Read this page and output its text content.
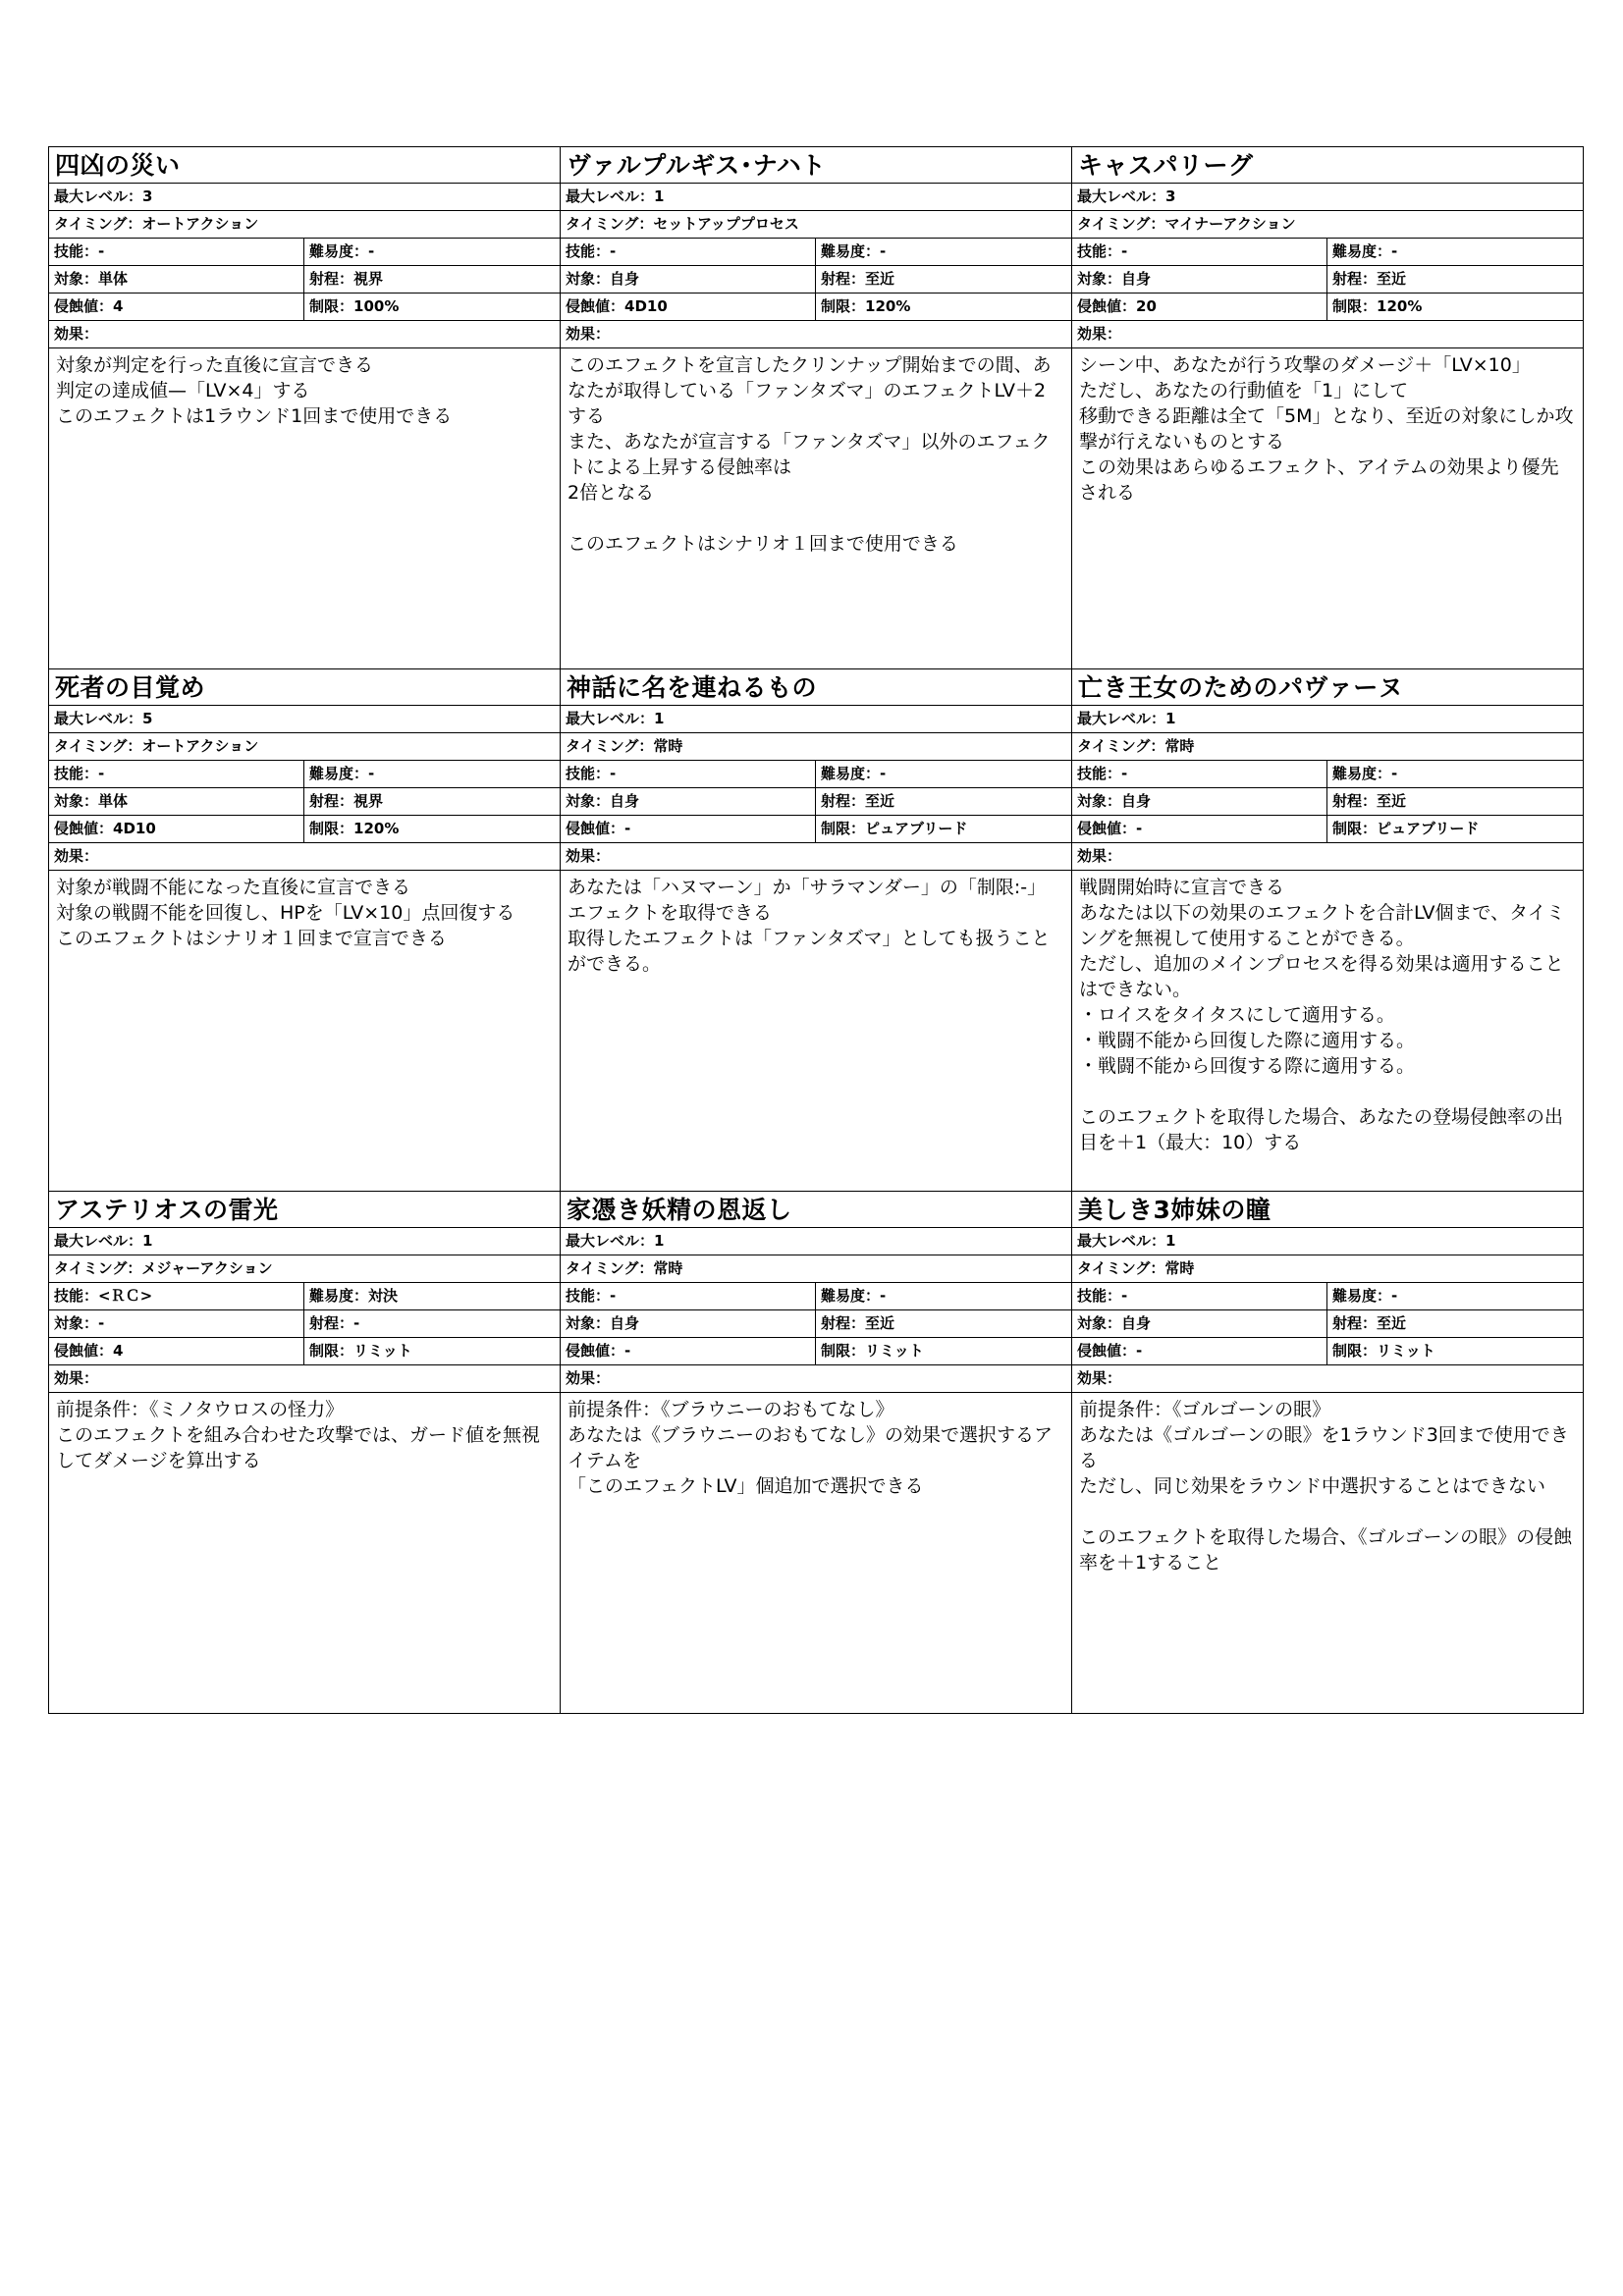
四凶の災い
最大レベル：3
タイミング：オートアクション
技能：-	難易度：-
対象：単体	射程：視界
侵蝕値：4	制限：100%
効果：
対象が判定を行った直後に宣言できる
判定の達成値—「LV×4」する
このエフェクトは1ラウンド1回まで使用できる
ヴァルプルギス･ナハト
最大レベル：1
タイミング：セットアッププロセス
技能：-	難易度：-
対象：自身	射程：至近
侵蝕値：4D10	制限：120%
効果：
このエフェクトを宣言したクリンナップ開始までの間、あなたが取得している「ファンタズマ」のエフェクトLV＋2する
また、あなたが宣言する「ファンタズマ」以外のエフェクトによる上昇する侵蝕率は
2倍となる

このエフェクトはシナリオ１回まで使用できる
キャスパリーグ
最大レベル：3
タイミング：マイナーアクション
技能：-	難易度：-
対象：自身	射程：至近
侵蝕値：20	制限：120%
効果：
シーン中、あなたが行う攻撃のダメージ＋「LV×10」
ただし、あなたの行動値を「1」にして
移動できる距離は全て「5M」となり、至近の対象にしか攻撃が行えないものとする
この効果はあらゆるエフェクト、アイテムの効果より優先される
死者の目覚め
最大レベル：5
タイミング：オートアクション
技能：-	難易度：-
対象：単体	射程：視界
侵蝕値：4D10	制限：120%
効果：
対象が戦闘不能になった直後に宣言できる
対象の戦闘不能を回復し、HPを「LV×10」点回復する
このエフェクトはシナリオ１回まで宣言できる
神話に名を連ねるもの
最大レベル：1
タイミング：常時
技能：-	難易度：-
対象：自身	射程：至近
侵蝕値：-	制限：ピュアブリード
効果：
あなたは「ハヌマーン」か「サラマンダー」の「制限:-」エフェクトを取得できる
取得したエフェクトは「ファンタズマ」としても扱うことができる。
亡き王女のためのパヴァーヌ
最大レベル：1
タイミング：常時
技能：-	難易度：-
対象：自身	射程：至近
侵蝕値：-	制限：ピュアブリード
効果：
戦闘開始時に宣言できる
あなたは以下の効果のエフェクトを合計LV個まで、タイミングを無視して使用することができる。
ただし、追加のメインプロセスを得る効果は適用することはできない。
・ロイスをタイタスにして適用する。
・戦闘不能から回復した際に適用する。
・戦闘不能から回復する際に適用する。

このエフェクトを取得した場合、あなたの登場侵蝕率の出目を＋1（最大：10）する
アステリオスの雷光
最大レベル：1
タイミング：メジャーアクション
技能：<ＲＣ>	難易度：対決
対象：-	射程：-
侵蝕値：4	制限：リミット
効果：
前提条件：《ミノタウロスの怪力》
このエフェクトを組み合わせた攻撃では、ガード値を無視してダメージを算出する
家憑き妖精の恩返し
最大レベル：1
タイミング：常時
技能：-	難易度：-
対象：自身	射程：至近
侵蝕値：-	制限：リミット
効果：
前提条件：《ブラウニーのおもてなし》
あなたは《ブラウニーのおもてなし》の効果で選択するアイテムを
「このエフェクトLV」個追加で選択できる
美しき3姉妹の瞳
最大レベル：1
タイミング：常時
技能：-	難易度：-
対象：自身	射程：至近
侵蝕値：-	制限：リミット
効果：
前提条件：《ゴルゴーンの眼》
あなたは《ゴルゴーンの眼》を1ラウンド3回まで使用できる
ただし、同じ効果をラウンド中選択することはできない

このエフェクトを取得した場合、《ゴルゴーンの眼》の侵蝕率を＋1すること
